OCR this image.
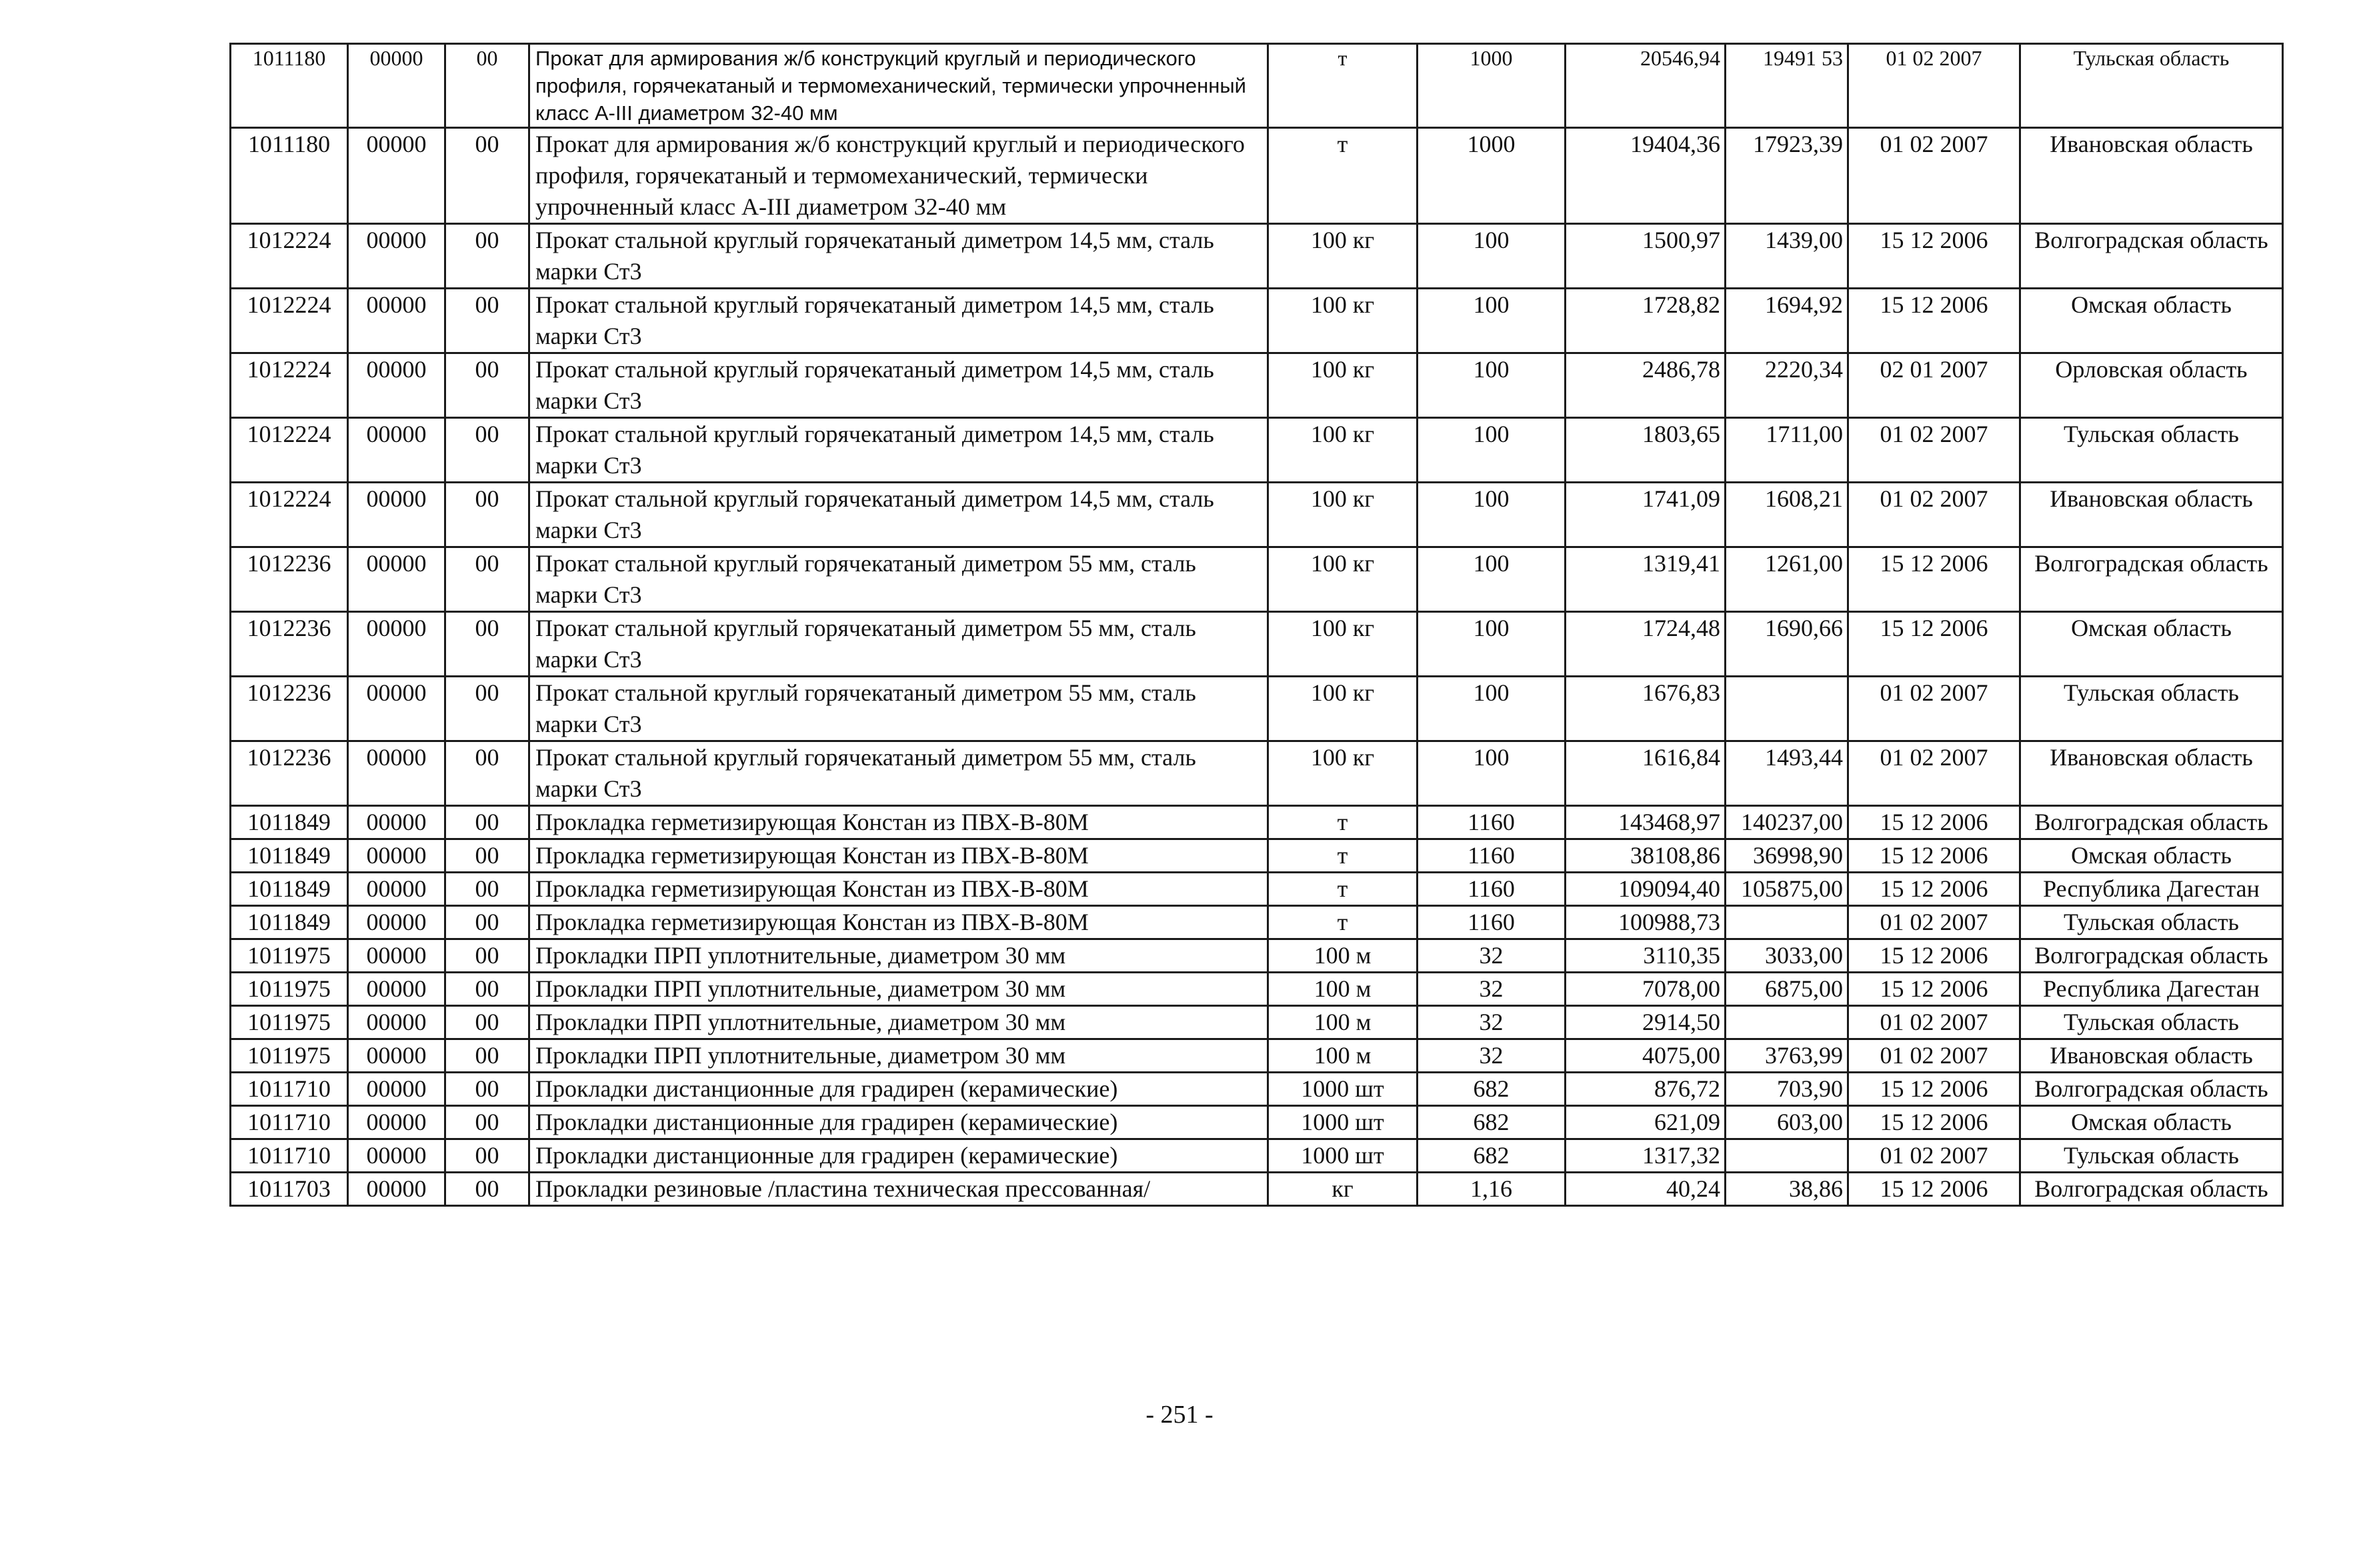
1011180	00000	00	Прокат для армирования ж/б конструкций круглый и периодического профиля, горячекатаный и термомеханический, термически упрочненный класс А-III диаметром 32-40 мм	т	1000	20546,94	19491 53	01 02 2007	Тульская область
1011180	00000	00	Прокат для армирования ж/б конструкций круглый и периодического профиля, горячекатаный и термомеханический, термически упрочненный класс А-III диаметром 32-40 мм	т	1000	19404,36	17923,39	01 02 2007	Ивановская область
1012224	00000	00	Прокат стальной круглый горячекатаный диметром 14,5 мм, сталь марки Ст3	100 кг	100	1500,97	1439,00	15 12 2006	Волгоградская область
1012224	00000	00	Прокат стальной круглый горячекатаный диметром 14,5 мм, сталь марки Ст3	100 кг	100	1728,82	1694,92	15 12 2006	Омская область
1012224	00000	00	Прокат стальной круглый горячекатаный диметром 14,5 мм, сталь марки Ст3	100 кг	100	2486,78	2220,34	02 01 2007	Орловская область
1012224	00000	00	Прокат стальной круглый горячекатаный диметром 14,5 мм, сталь марки Ст3	100 кг	100	1803,65	1711,00	01 02 2007	Тульская область
1012224	00000	00	Прокат стальной круглый горячекатаный диметром 14,5 мм, сталь марки Ст3	100 кг	100	1741,09	1608,21	01 02 2007	Ивановская область
1012236	00000	00	Прокат стальной круглый горячекатаный диметром 55 мм, сталь марки Ст3	100 кг	100	1319,41	1261,00	15 12 2006	Волгоградская область
1012236	00000	00	Прокат стальной круглый горячекатаный диметром 55 мм, сталь марки Ст3	100 кг	100	1724,48	1690,66	15 12 2006	Омская область
1012236	00000	00	Прокат стальной круглый горячекатаный диметром 55 мм, сталь марки Ст3	100 кг	100	1676,83		01 02 2007	Тульская область
1012236	00000	00	Прокат стальной круглый горячекатаный диметром 55 мм, сталь марки Ст3	100 кг	100	1616,84	1493,44	01 02 2007	Ивановская область
1011849	00000	00	Прокладка герметизирующая Констан из ПВХ-В-80М	т	1160	143468,97	140237,00	15 12 2006	Волгоградская область
1011849	00000	00	Прокладка герметизирующая Констан из ПВХ-В-80М	т	1160	38108,86	36998,90	15 12 2006	Омская область
1011849	00000	00	Прокладка герметизирующая Констан из ПВХ-В-80М	т	1160	109094,40	105875,00	15 12 2006	Республика Дагестан
1011849	00000	00	Прокладка герметизирующая Констан из ПВХ-В-80М	т	1160	100988,73		01 02 2007	Тульская область
1011975	00000	00	Прокладки ПРП уплотнительные, диаметром 30 мм	100 м	32	3110,35	3033,00	15 12 2006	Волгоградская область
1011975	00000	00	Прокладки ПРП уплотнительные, диаметром 30 мм	100 м	32	7078,00	6875,00	15 12 2006	Республика Дагестан
1011975	00000	00	Прокладки ПРП уплотнительные, диаметром 30 мм	100 м	32	2914,50		01 02 2007	Тульская область
1011975	00000	00	Прокладки ПРП уплотнительные, диаметром 30 мм	100 м	32	4075,00	3763,99	01 02 2007	Ивановская область
1011710	00000	00	Прокладки дистанционные для градирен (керамические)	1000 шт	682	876,72	703,90	15 12 2006	Волгоградская область
1011710	00000	00	Прокладки дистанционные для градирен (керамические)	1000 шт	682	621,09	603,00	15 12 2006	Омская область
1011710	00000	00	Прокладки дистанционные для градирен (керамические)	1000 шт	682	1317,32		01 02 2007	Тульская область
1011703	00000	00	Прокладки резиновые /пластина техническая прессованная/	кг	1,16	40,24	38,86	15 12 2006	Волгоградская область
- 251 -
